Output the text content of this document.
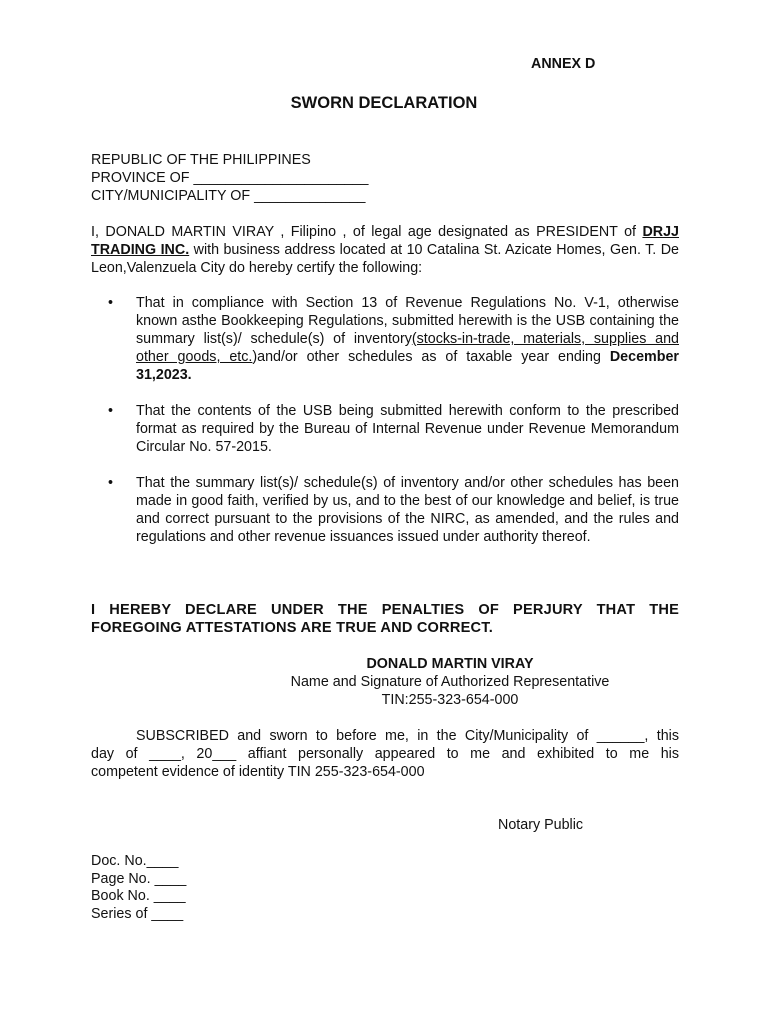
ANNEX D
SWORN DECLARATION
REPUBLIC OF THE PHILIPPINES
PROVINCE OF ______________________
CITY/MUNICIPALITY OF ______________
I, DONALD MARTIN VIRAY , Filipino , of legal age designated as PRESIDENT of DRJJ TRADING INC. with business address located at 10 Catalina St. Azicate Homes, Gen. T. De Leon,Valenzuela City do hereby certify the following:
• That in compliance with Section 13 of Revenue Regulations No. V-1, otherwise known asthe Bookkeeping Regulations, submitted herewith is the USB containing the summary list(s)/ schedule(s) of inventory(stocks-in-trade, materials, supplies and other goods, etc.)and/or other schedules as of taxable year ending December 31,2023.
• That the contents of the USB being submitted herewith conform to the prescribed format as required by the Bureau of Internal Revenue under Revenue Memorandum Circular No. 57-2015.
• That the summary list(s)/ schedule(s) of inventory and/or other schedules has been made in good faith, verified by us, and to the best of our knowledge and belief, is true and correct pursuant to the provisions of the NIRC, as amended, and the rules and regulations and other revenue issuances issued under authority thereof.
I HEREBY DECLARE UNDER THE PENALTIES OF PERJURY THAT THE FOREGOING ATTESTATIONS ARE TRUE AND CORRECT.
DONALD MARTIN VIRAY
Name and Signature of Authorized Representative
TIN:255-323-654-000
SUBSCRIBED and sworn to before me, in the City/Municipality of ______, this
day of ____, 20___ affiant personally appeared to me and exhibited to me his
competent evidence of identity TIN 255-323-654-000
Notary Public
Doc. No.____
Page No. ____
Book No. ____
Series of ____
